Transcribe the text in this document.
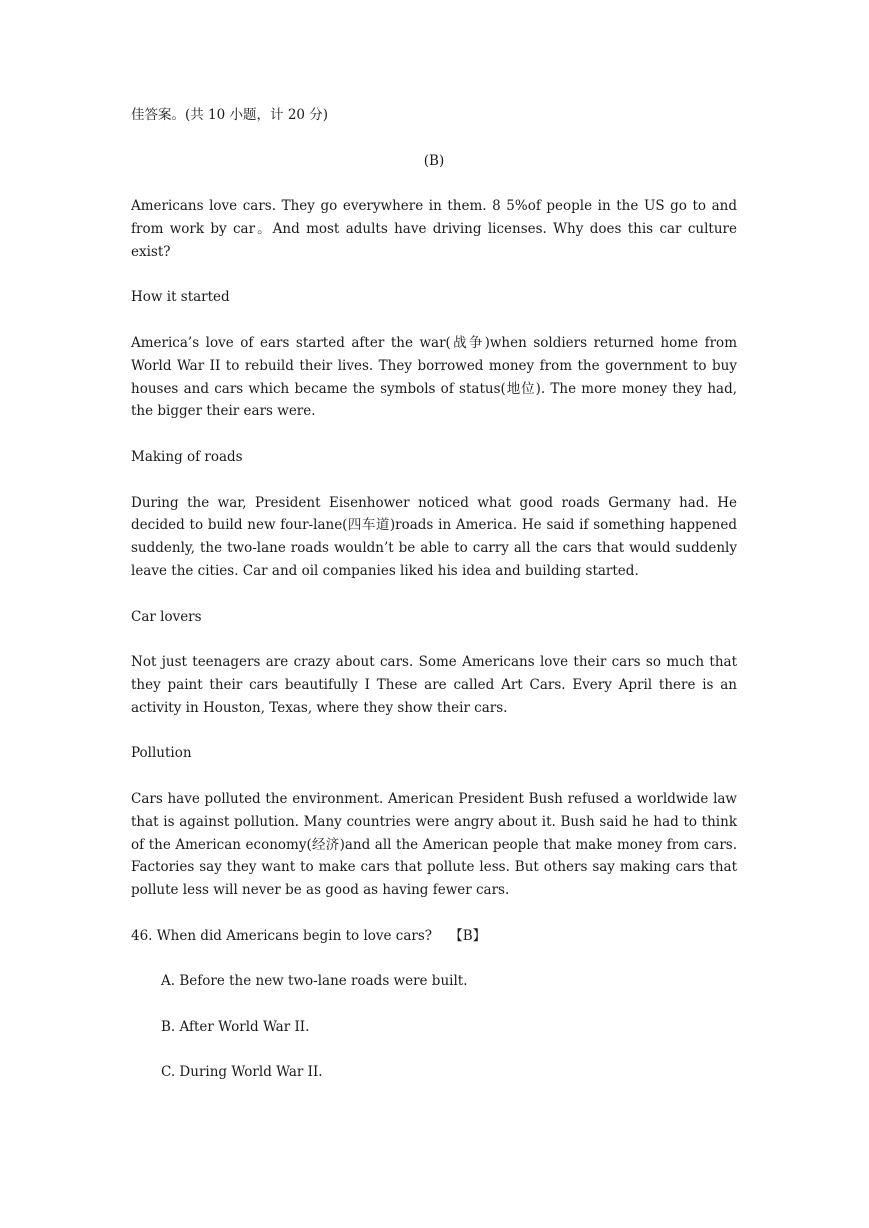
佳答案。(共 10 小题，计 20 分)

(B)

Americans love cars. They go everywhere in them. 8 5%of people in the US go to and from work by car。And most adults have driving licenses. Why does this car culture exist?

How it started

America’s love of ears started after the war(战争)when soldiers returned home from World War II to rebuild their lives. They borrowed money from the government to buy houses and cars which became the symbols of status(地位). The more money they had, the bigger their ears were.

Making of roads

During the war, President Eisenhower noticed what good roads Germany had. He decided to build new four-lane(四车道)roads in America. He said if something happened suddenly, the two-lane roads wouldn’t be able to carry all the cars that would suddenly leave the cities. Car and oil companies liked his idea and building started.

Car lovers

Not just teenagers are crazy about cars. Some Americans love their cars so much that they paint their cars beautifully I These are called Art Cars. Every April there is an activity in Houston, Texas, where they show their cars.

Pollution

Cars have polluted the environment. American President Bush refused a worldwide law that is against pollution. Many countries were angry about it. Bush said he had to think of the American economy(经济)and all the American people that make money from cars. Factories say they want to make cars that pollute less. But others say making cars that pollute less will never be as good as having fewer cars.

46. When did Americans begin to love cars? 【B】

A. Before the new two-lane roads were built.

B. After World War II.

C. During World War II.
